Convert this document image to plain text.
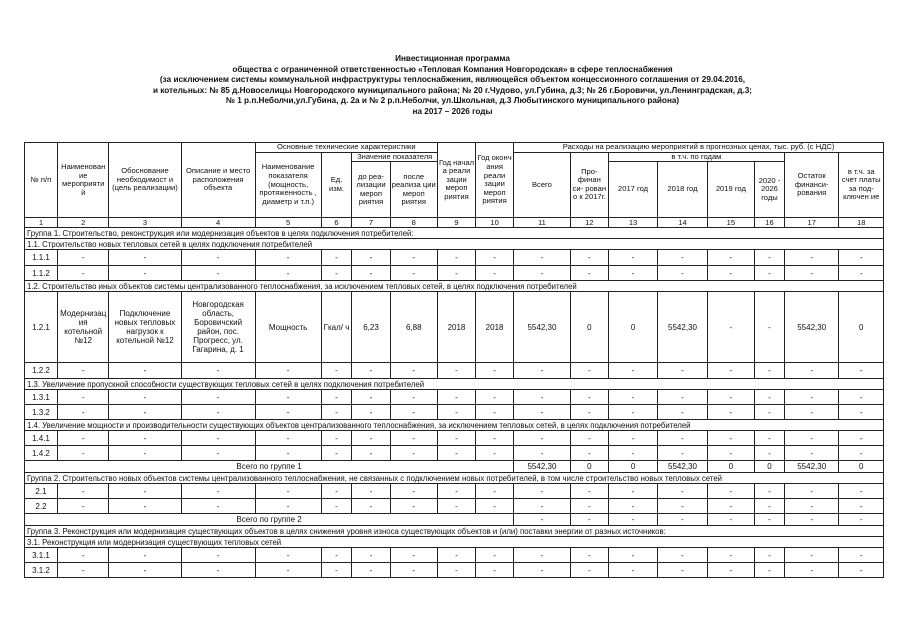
Инвестиционная программа
общества с ограниченной ответственностью «Тепловая Компания Новгородская» в сфере теплоснабжения
(за исключением системы коммунальной инфраструктуры теплоснабжения, являющейся объектом концессионного соглашения от 29.04.2016,
и котельных: № 85 д.Новоселицы Новгородского муниципального района; № 20 г.Чудово, ул.Губина, д.3; № 26 г.Боровичи, ул.Ленинградская, д.3;
№ 1 р.п.Неболчи,ул.Губина, д. 2а и № 2 р.п.Неболчи, ул.Школьная, д.3 Любытинского муниципального района)
на 2017 – 2026 годы
№ п/п	Наименован ие мероприяти й	Обоснование необходимост и (цель реализации)	Описание и место расположения объекта	Основные технические характеристики				Год начал а реали зации мероп риятия	Год оконч ания реали зации мероп риятия	Расходы на реализацию мероприятий в прогнозных ценах, тыс. руб. (с НДС)							
				Наименование показателя (мощность, протяженность , диаметр и т.п.)	Ед. изм.	Значение показателя				Всего	Про- финан си- рован о к 2017г.	в т.ч. по годам				Остаток финанси- рования	в т.ч. за счет платы за под- ключен ие
						до реа- лизации мероп риятия	после реализа ции мероп риятия					2017 год	2018 год	2019 год	2020 - 2026 годы		

1	2	3	4	5	6	7	8	9	10	11	12	13	14	15	16	17	18
Группа 1. Строительство, реконструкция или модернизация объектов в целях подключения потребителей:																	
1.1. Строительство новых тепловых сетей в целях подключения потребителей																	
1.1.1	-	-	-	-	-	-	-	-	-	-	-	-	-	-	-	-	-
1.1.2	-	-	-	-	-	-	-	-	-	-	-	-	-	-	-	-	-
1.2. Строительство иных объектов системы централизованного теплоснабжения, за исключением тепловых сетей, в целях подключения потребителей																	
1.2.1	Модернизац ия котельной №12	Подключение новых тепловых нагрузок к котельной №12	Новгородская область, Боровичский район, пос. Прогресс, ул. Гагарина, д. 1	Мощность	Гкал/ ч	6,23	6,88	2018	2018	5542,30	0	0	5542,30	-	-	5542,30	0
1.2.2	-	-	-	-	-	-	-	-	-	-	-	-	-	-	-	-	-
1.3. Увеличение пропускной способности существующих тепловых сетей в целях подключения потребителей																	
1.3.1	-	-	-	-	-	-	-	-	-	-	-	-	-	-	-	-	-
1.3.2	-	-	-	-	-	-	-	-	-	-	-	-	-	-	-	-	-
1.4. Увеличение мощности и производительности существующих объектов централизованного теплоснабжения, за исключением тепловых сетей, в целях подключения потребителей																	
1.4.1	-	-	-	-	-	-	-	-	-	-	-	-	-	-	-	-	-
1.4.2	-	-	-	-	-	-	-	-	-	-	-	-	-	-	-	-	-
Всего по группе 1										5542,30	0	0	5542,30	0	0	5542,30	0
Группа 2. Строительство новых объектов системы централизованного теплоснабжения, не связанных с подключением новых потребителей, в том числе строительство новых тепловых сетей																	
2.1	-	-	-	-	-	-	-	-	-	-	-	-	-	-	-	-	-
2.2	-	-	-	-	-	-	-	-	-	-	-	-	-	-	-	-	-
Всего по группе 2										-	-	-	-	-	-	-	-
Группа 3. Реконструкция или модернизация существующих объектов в целях снижения уровня износа существующих объектов и (или) поставки энергии от разных источников:																	
3.1. Реконструкция или модернизация существующих тепловых сетей																	
3.1.1	-	-	-	-	-	-	-	-	-	-	-	-	-	-	-	-	-
3.1.2	-	-	-	-	-	-	-	-	-	-	-	-	-	-	-	-	-
